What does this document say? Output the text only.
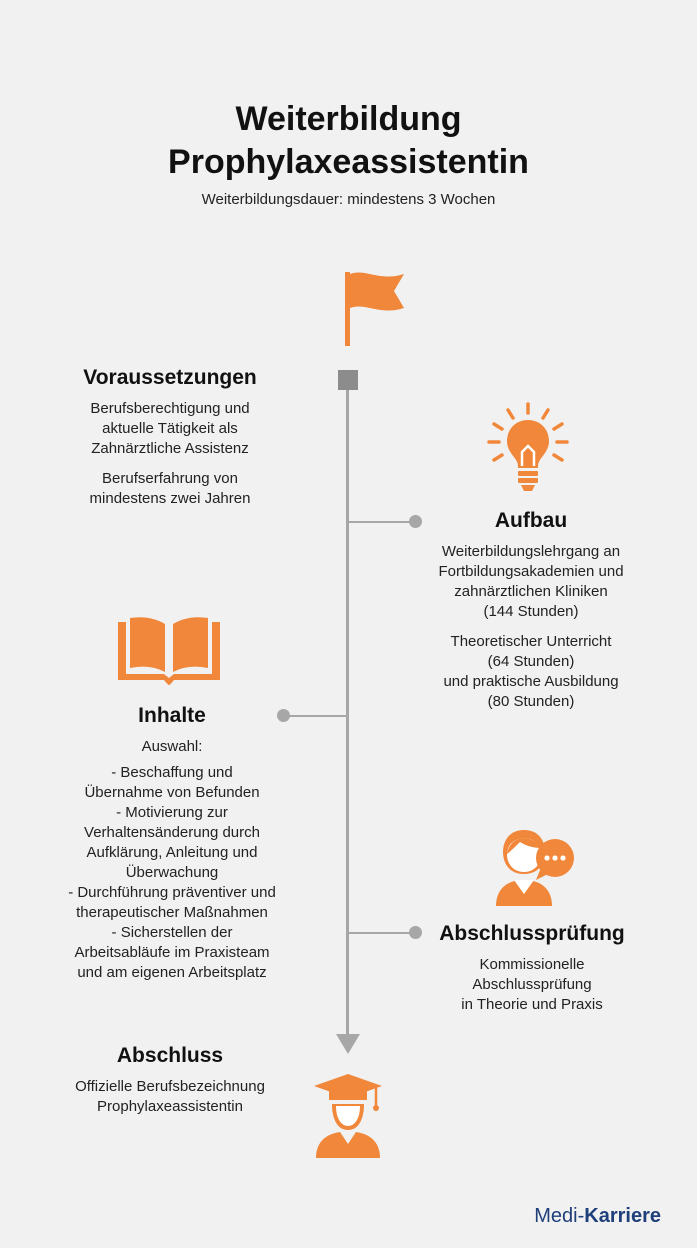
Weiterbildung
Prophylaxeassistentin
Weiterbildungsdauer: mindestens 3 Wochen
Voraussetzungen
Berufsberechtigung und
aktuelle Tätigkeit als
Zahnärztliche Assistenz
Berufserfahrung von
mindestens zwei Jahren
Aufbau
Weiterbildungslehrgang an
Fortbildungsakademien und
zahnärztlichen Kliniken
(144 Stunden)
Theoretischer Unterricht
(64 Stunden)
und praktische Ausbildung
(80 Stunden)
Inhalte
Auswahl:
- Beschaffung und
Übernahme von Befunden
- Motivierung zur
Verhaltensänderung durch
Aufklärung, Anleitung und
Überwachung
- Durchführung präventiver und
therapeutischer Maßnahmen
- Sicherstellen der
Arbeitsabläufe im Praxisteam
und am eigenen Arbeitsplatz
Abschlussprüfung
Kommissionelle
Abschlussprüfung
in Theorie und Praxis
Abschluss
Offizielle Berufsbezeichnung
Prophylaxeassistentin
Medi-Karriere
